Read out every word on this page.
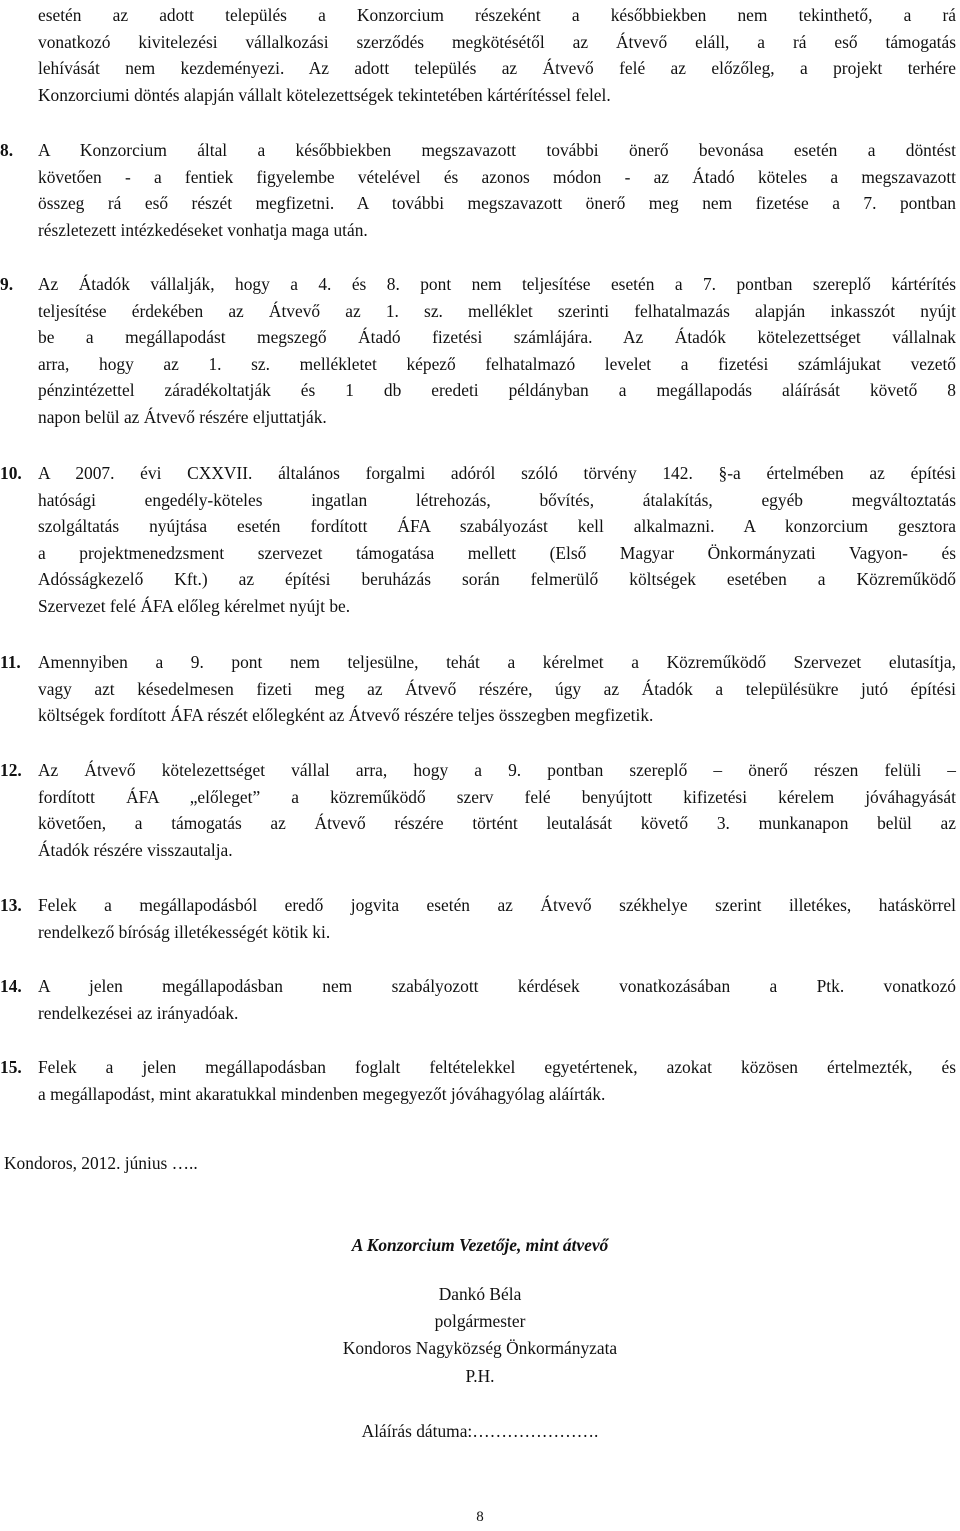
esetén az adott település a Konzorcium részeként a későbbiekben nem tekinthető, a rá
vonatkozó kivitelezési vállalkozási szerződés megkötésétől az Átvevő eláll, a rá eső támogatás
lehívását nem kezdeményezi. Az adott település az Átvevő felé az előzőleg, a projekt terhére
Konzorciumi döntés alapján vállalt kötelezettségek tekintetében kártérítéssel felel.
8.	A Konzorcium által a későbbiekben megszavazott további önerő bevonása esetén a döntést
követően - a fentiek figyelembe vételével és azonos módon - az Átadó köteles a megszavazott
összeg rá eső részét megfizetni. A további megszavazott önerő meg nem fizetése a 7. pontban
részletezett intézkedéseket vonhatja maga után.
9.	Az Átadók vállalják, hogy a 4. és 8. pont nem teljesítése esetén a 7. pontban szereplő kártérítés
teljesítése érdekében az Átvevő az 1. sz. melléklet szerinti felhatalmazás alapján inkasszót nyújt
be a megállapodást megszegő Átadó fizetési számlájára. Az Átadók kötelezettséget vállalnak
arra, hogy az 1. sz. mellékletet képező felhatalmazó levelet a fizetési számlájukat vezető
pénzintézettel záradékoltatják és 1 db eredeti példányban a megállapodás aláírását követő 8
napon belül az Átvevő részére eljuttatják.
10. A 2007. évi CXXVII. általános forgalmi adóról szóló törvény 142. §-a értelmében az építési
hatósági engedély-köteles ingatlan létrehozás, bővítés, átalakítás, egyéb megváltoztatás
szolgáltatás nyújtása esetén fordított ÁFA szabályozást kell alkalmazni. A konzorcium gesztora
a projektmenedzsment szervezet támogatása mellett (Első Magyar Önkormányzati Vagyon- és
Adósságkezelő Kft.) az építési beruházás során felmerülő költségek esetében a Közreműködő
Szervezet felé ÁFA előleg kérelmet nyújt be.
11. Amennyiben a 9. pont nem teljesülne, tehát a kérelmet a Közreműködő Szervezet elutasítja,
vagy azt késedelmesen fizeti meg az Átvevő részére, úgy az Átadók a településükre jutó építési
költségek fordított ÁFA részét előlegként az Átvevő részére teljes összegben megfizetik.
12. Az Átvevő kötelezettséget vállal arra, hogy a 9. pontban szereplő – önerő részen felüli –
fordított ÁFA „előleget” a közreműködő szerv felé benyújtott kifizetési kérelem jóváhagyását
követően, a támogatás az Átvevő részére történt leutalását követő 3. munkanapon belül az
Átadók részére visszautalja.
13. Felek a megállapodásból eredő jogvita esetén az Átvevő székhelye szerint illetékes, hatáskörrel
rendelkező bíróság illetékességét kötik ki.
14. A jelen megállapodásban nem szabályozott kérdések vonatkozásában a Ptk. vonatkozó
rendelkezései az irányadóak.
15. Felek a jelen megállapodásban foglalt feltételekkel egyetértenek, azokat közösen értelmezték, és
a megállapodást, mint akaratukkal mindenben megegyezőt jóváhagyólag aláírták.
Kondoros, 2012. június …..
A Konzorcium Vezetője, mint átvevő
Dankó Béla
polgármester
Kondoros Nagyközség Önkormányzata
P.H.
Aláírás dátuma:………………….
8
